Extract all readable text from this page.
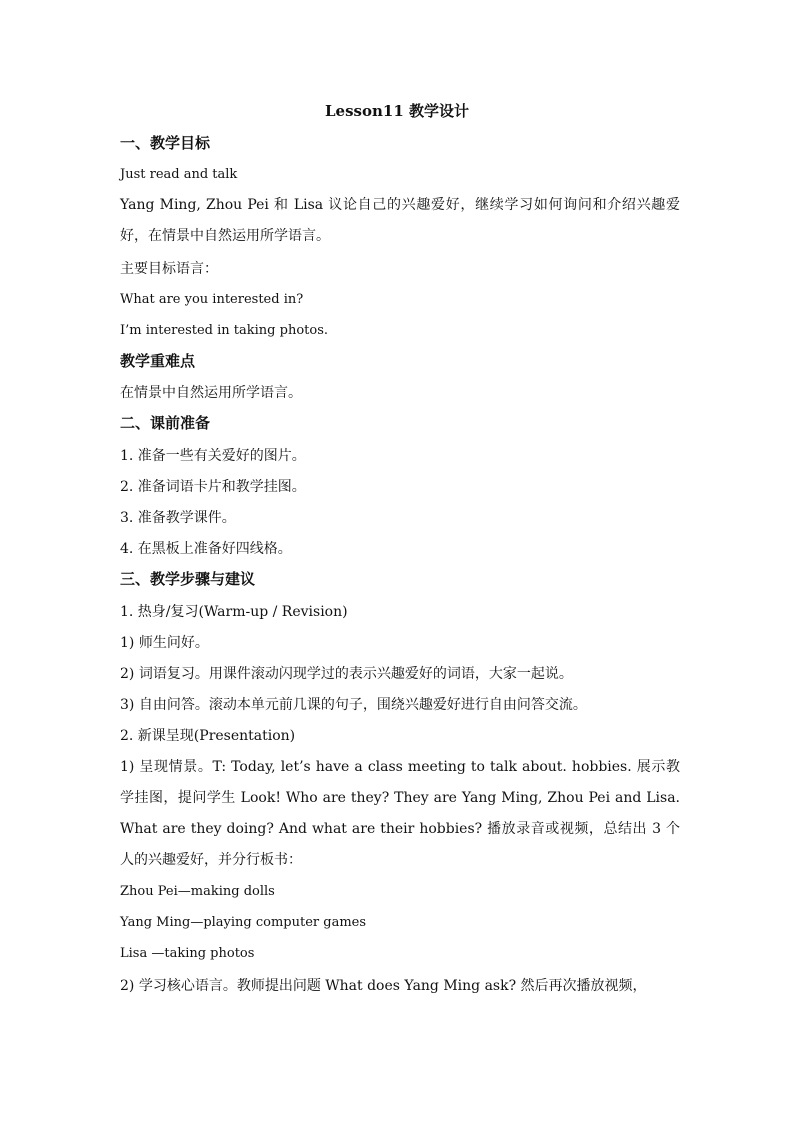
Lesson11 教学设计
一、教学目标
Just read and talk
Yang Ming, Zhou Pei 和 Lisa 议论自己的兴趣爱好，继续学习如何询问和介绍兴趣爱好，在情景中自然运用所学语言。
主要目标语言：
What are you interested in?
I’m interested in taking photos.
教学重难点
在情景中自然运用所学语言。
二、课前准备
1. 准备一些有关爱好的图片。
2. 准备词语卡片和教学挂图。
3. 准备教学课件。
4. 在黑板上准备好四线格。
三、教学步骤与建议
1. 热身/复习(Warm-up / Revision)
1) 师生问好。
2) 词语复习。用课件滚动闪现学过的表示兴趣爱好的词语，大家一起说。
3) 自由问答。滚动本单元前几课的句子，围绕兴趣爱好进行自由问答交流。
2. 新课呈现(Presentation)
1) 呈现情景。T: Today, let’s have a class meeting to talk about. hobbies. 展示教学挂图，提问学生 Look! Who are they? They are Yang Ming, Zhou Pei and Lisa. What are they doing? And what are their hobbies? 播放录音或视频，总结出 3 个人的兴趣爱好，并分行板书：
Zhou Pei—making dolls
Yang Ming—playing computer games
Lisa —taking photos
2) 学习核心语言。教师提出问题 What does Yang Ming ask? 然后再次播放视频，
